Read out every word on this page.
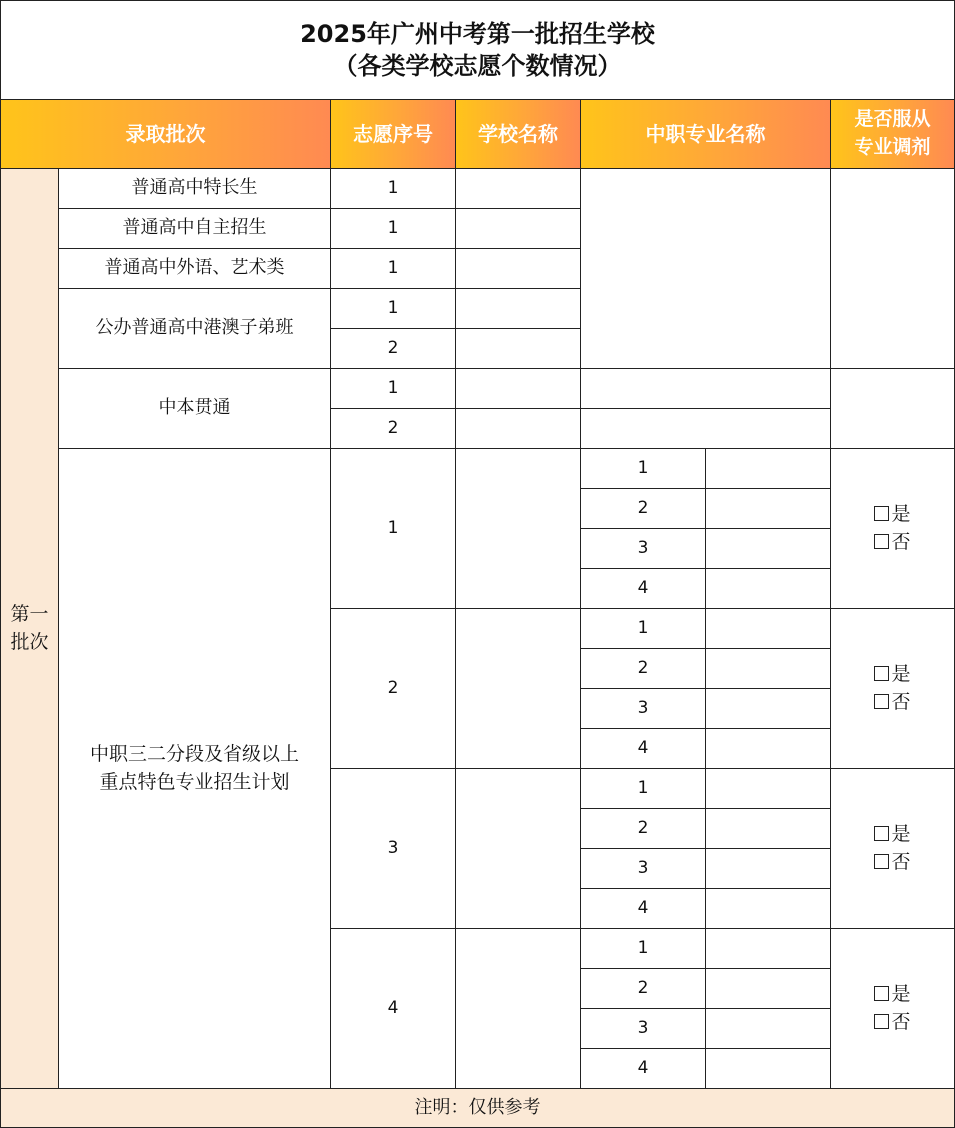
2025年广州中考第一批招生学校
（各类学校志愿个数情况）
录取批次	志愿序号 学校名称	中职专业名称
是否服从
专业调剂
第一
批次
普通高中特长生
普通高中自主招生
普通高中外语、艺术类
公办普通高中港澳子弟班
中本贯通
中职三二分段及省级以上
重点特色专业招生计划
1
1
1
1
2
1
2
1
2
3
4
1
2
3
4
1
2
3
4
1
2
3
4
1
2
3
4
是
否
是
否
是
否
是
否
注明：仅供参考
